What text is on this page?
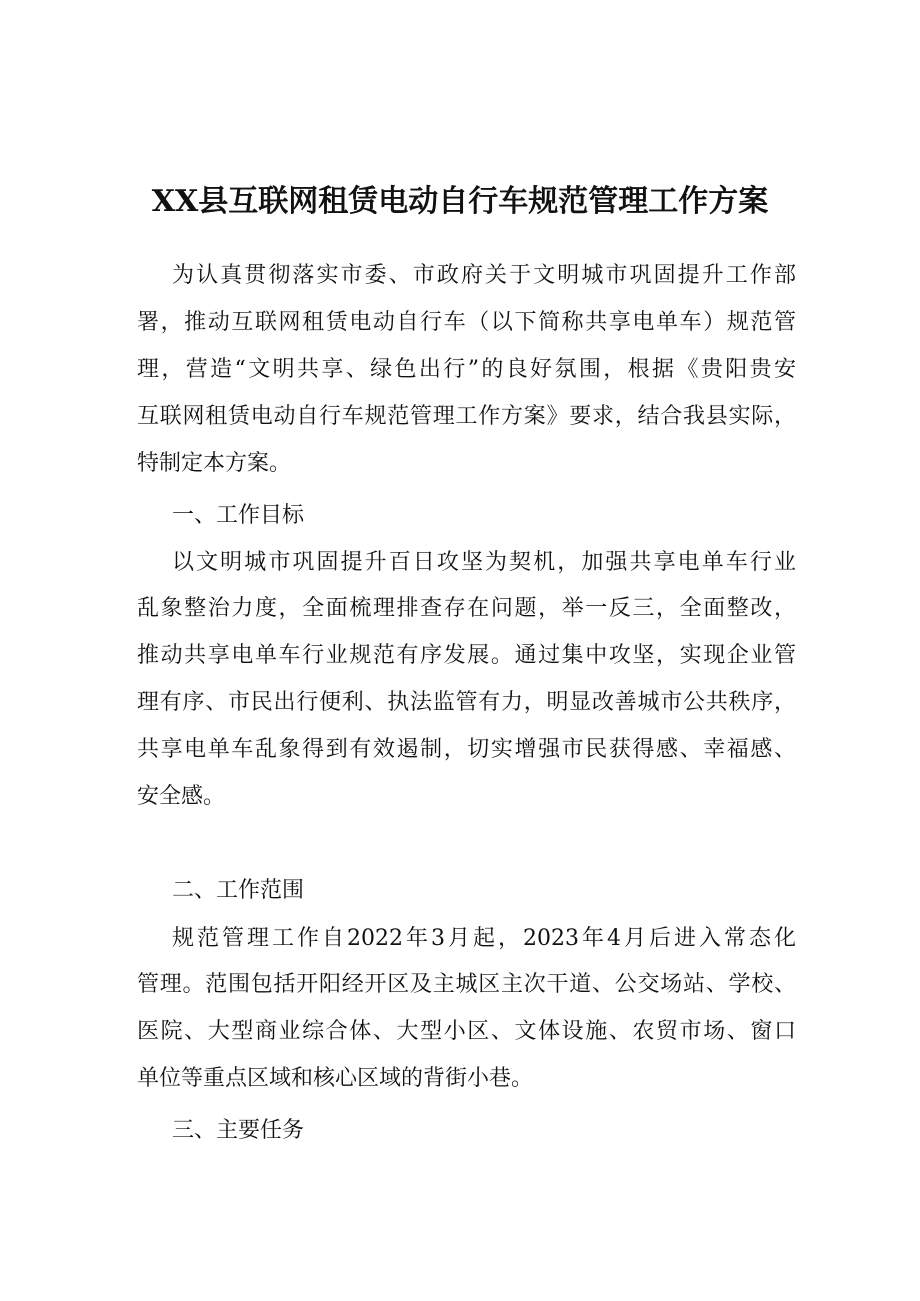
XX县互联网租赁电动自行车规范管理工作方案
为认真贯彻落实市委、市政府关于文明城市巩固提升工作部
署，推动互联网租赁电动自行车（以下简称共享电单车）规范管
理，营造“文明共享、绿色出行”的良好氛围，根据《贵阳贵安
互联网租赁电动自行车规范管理工作方案》要求，结合我县实际，
特制定本方案。
一、工作目标
以文明城市巩固提升百日攻坚为契机，加强共享电单车行业
乱象整治力度，全面梳理排查存在问题，举一反三，全面整改，
推动共享电单车行业规范有序发展。通过集中攻坚，实现企业管
理有序、市民出行便利、执法监管有力，明显改善城市公共秩序，
共享电单车乱象得到有效遏制，切实增强市民获得感、幸福感、
安全感。
二、工作范围
规范管理工作自2022年3月起，2023年4月后进入常态化
管理。范围包括开阳经开区及主城区主次干道、公交场站、学校、
医院、大型商业综合体、大型小区、文体设施、农贸市场、窗口
单位等重点区域和核心区域的背街小巷。
三、主要任务
